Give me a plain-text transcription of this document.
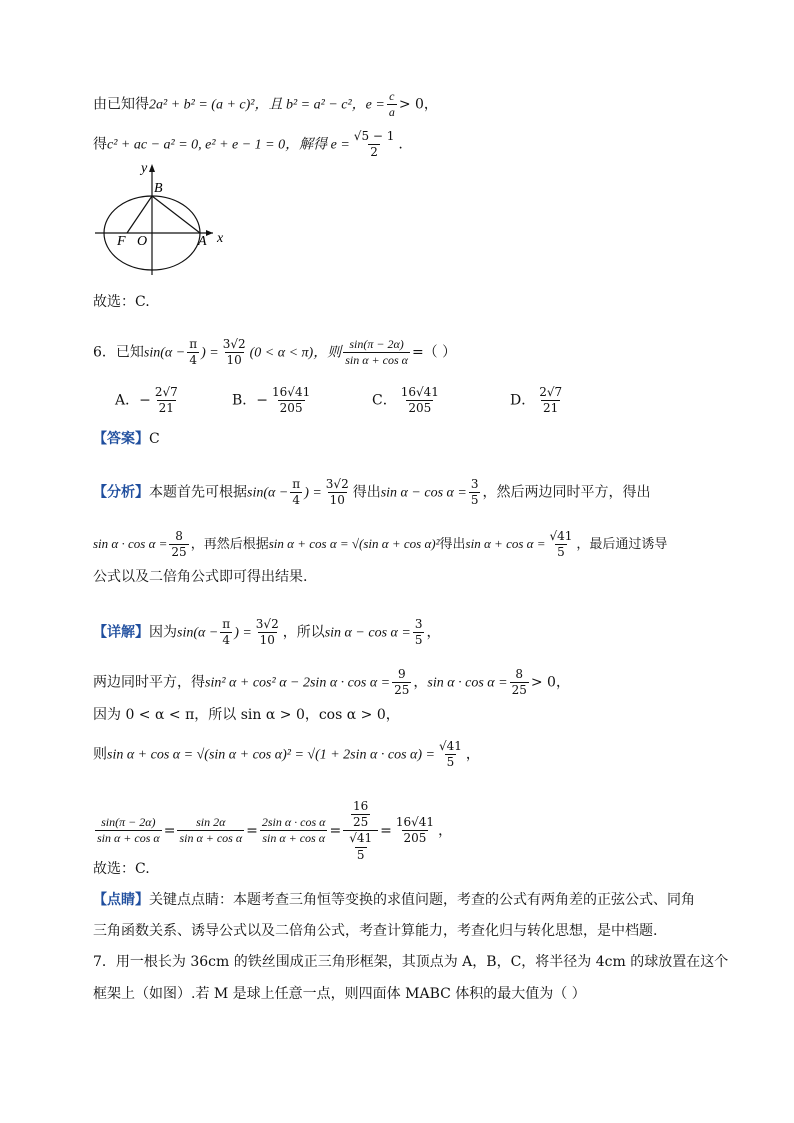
由已知得2a² + b² = (a + c)²，且 b² = a² − c²，$e = \frac{c}{a} > 0$，
得c² + ac − a² = 0, e² + e − 1 = 0，解得 $e = \frac{√5 - 1}{2}$ .
y
x
B
F O	A
故选：C.
6．已知$\sin(\alpha - \frac{\pi}{4}$ ) = $\frac{3√2}{10} (0 < \alpha < \pi)$，则 $\frac{\sin(\pi - 2\alpha)}{\text{sin α + cos α}}$ =（ ）
A．− $\frac{2√7}{21}$	B．− $\frac{16√41}{205}$	C． $\frac{16√41}{205}$	D． $\frac{2√7}{21}$
【答案】C
【分析】本题首先可根据$\sin(\alpha - \frac{\pi}{4}$ ) = $\frac{3√2}{10}$ 得出$\sin \alpha - \cos \alpha = \frac{3}{5}$ ，然后两边同时平方，得出
$\sin \alpha \cdot \cos \alpha = \frac{8}{25}$ ，再然后根据sin α + cos α = √(sin α + cos α)²得出$\sin \alpha + \cos \alpha = \frac{√41}{5}$ ，最后通过诱导
公式以及二倍角公式即可得出结果.
【详解】因为$\sin(\alpha - \frac{\pi}{4}$ ) = $\frac{3√2}{10}$ ，所以$\sin \alpha - \cos \alpha = \frac{3}{5}$ ，
两边同时平方，得sin² α + cos² α − 2sin $\alpha \cdot \cos \alpha = \frac{9}{25}$ ，$\sin \alpha \cdot \cos \alpha = \frac{8}{25} > 0$，
因为 0 < α < π，所以 sin α > 0，cos α > 0，
则sin α + cos α = √(sin α + cos α)² = √(1 + 2sin $\alpha \cdot \cos \alpha) = \frac{√41}{5}$ ，
$\frac{\sin(\pi - 2\alpha)}{\text{sin α + cos α}} = \frac{\sin 2\alpha}{\text{sin α + cos α}} = \frac{\text{2sin α · cos α}}{\text{sin α + cos α}} = \frac{\frac{16}{25}}{\frac{√41}{5}} = \frac{16√41}{205}$ ，
故选：C.
【点睛】关键点点睛：本题考查三角恒等变换的求值问题，考查的公式有两角差的正弦公式、同角
三角函数关系、诱导公式以及二倍角公式，考查计算能力，考查化归与转化思想，是中档题.
7．用一根长为 36cm 的铁丝围成正三角形框架，其顶点为 A，B，C，将半径为 4cm 的球放置在这个
框架上（如图）.若 M 是球上任意一点，则四面体 MABC 体积的最大值为（ ）
